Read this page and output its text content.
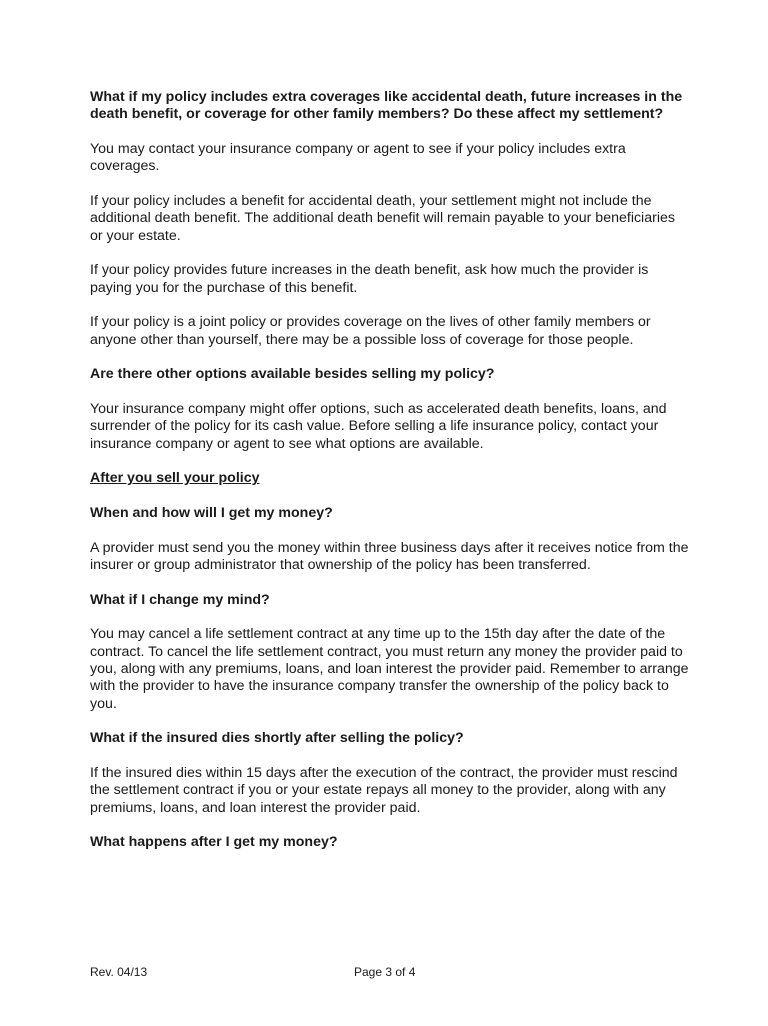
What if my policy includes extra coverages like accidental death, future increases in the death benefit, or coverage for other family members? Do these affect my settlement?

You may contact your insurance company or agent to see if your policy includes extra coverages.

If your policy includes a benefit for accidental death, your settlement might not include the additional death benefit. The additional death benefit will remain payable to your beneficiaries or your estate.

If your policy provides future increases in the death benefit, ask how much the provider is paying you for the purchase of this benefit.

If your policy is a joint policy or provides coverage on the lives of other family members or anyone other than yourself, there may be a possible loss of coverage for those people.

Are there other options available besides selling my policy?

Your insurance company might offer options, such as accelerated death benefits, loans, and surrender of the policy for its cash value. Before selling a life insurance policy, contact your insurance company or agent to see what options are available.

After you sell your policy

When and how will I get my money?

A provider must send you the money within three business days after it receives notice from the insurer or group administrator that ownership of the policy has been transferred.

What if I change my mind?

You may cancel a life settlement contract at any time up to the 15th day after the date of the contract. To cancel the life settlement contract, you must return any money the provider paid to you, along with any premiums, loans, and loan interest the provider paid. Remember to arrange with the provider to have the insurance company transfer the ownership of the policy back to you.

What if the insured dies shortly after selling the policy?

If the insured dies within 15 days after the execution of the contract, the provider must rescind the settlement contract if you or your estate repays all money to the provider, along with any premiums, loans, and loan interest the provider paid.

What happens after I get my money?

Rev. 04/13	Page 3 of 4
